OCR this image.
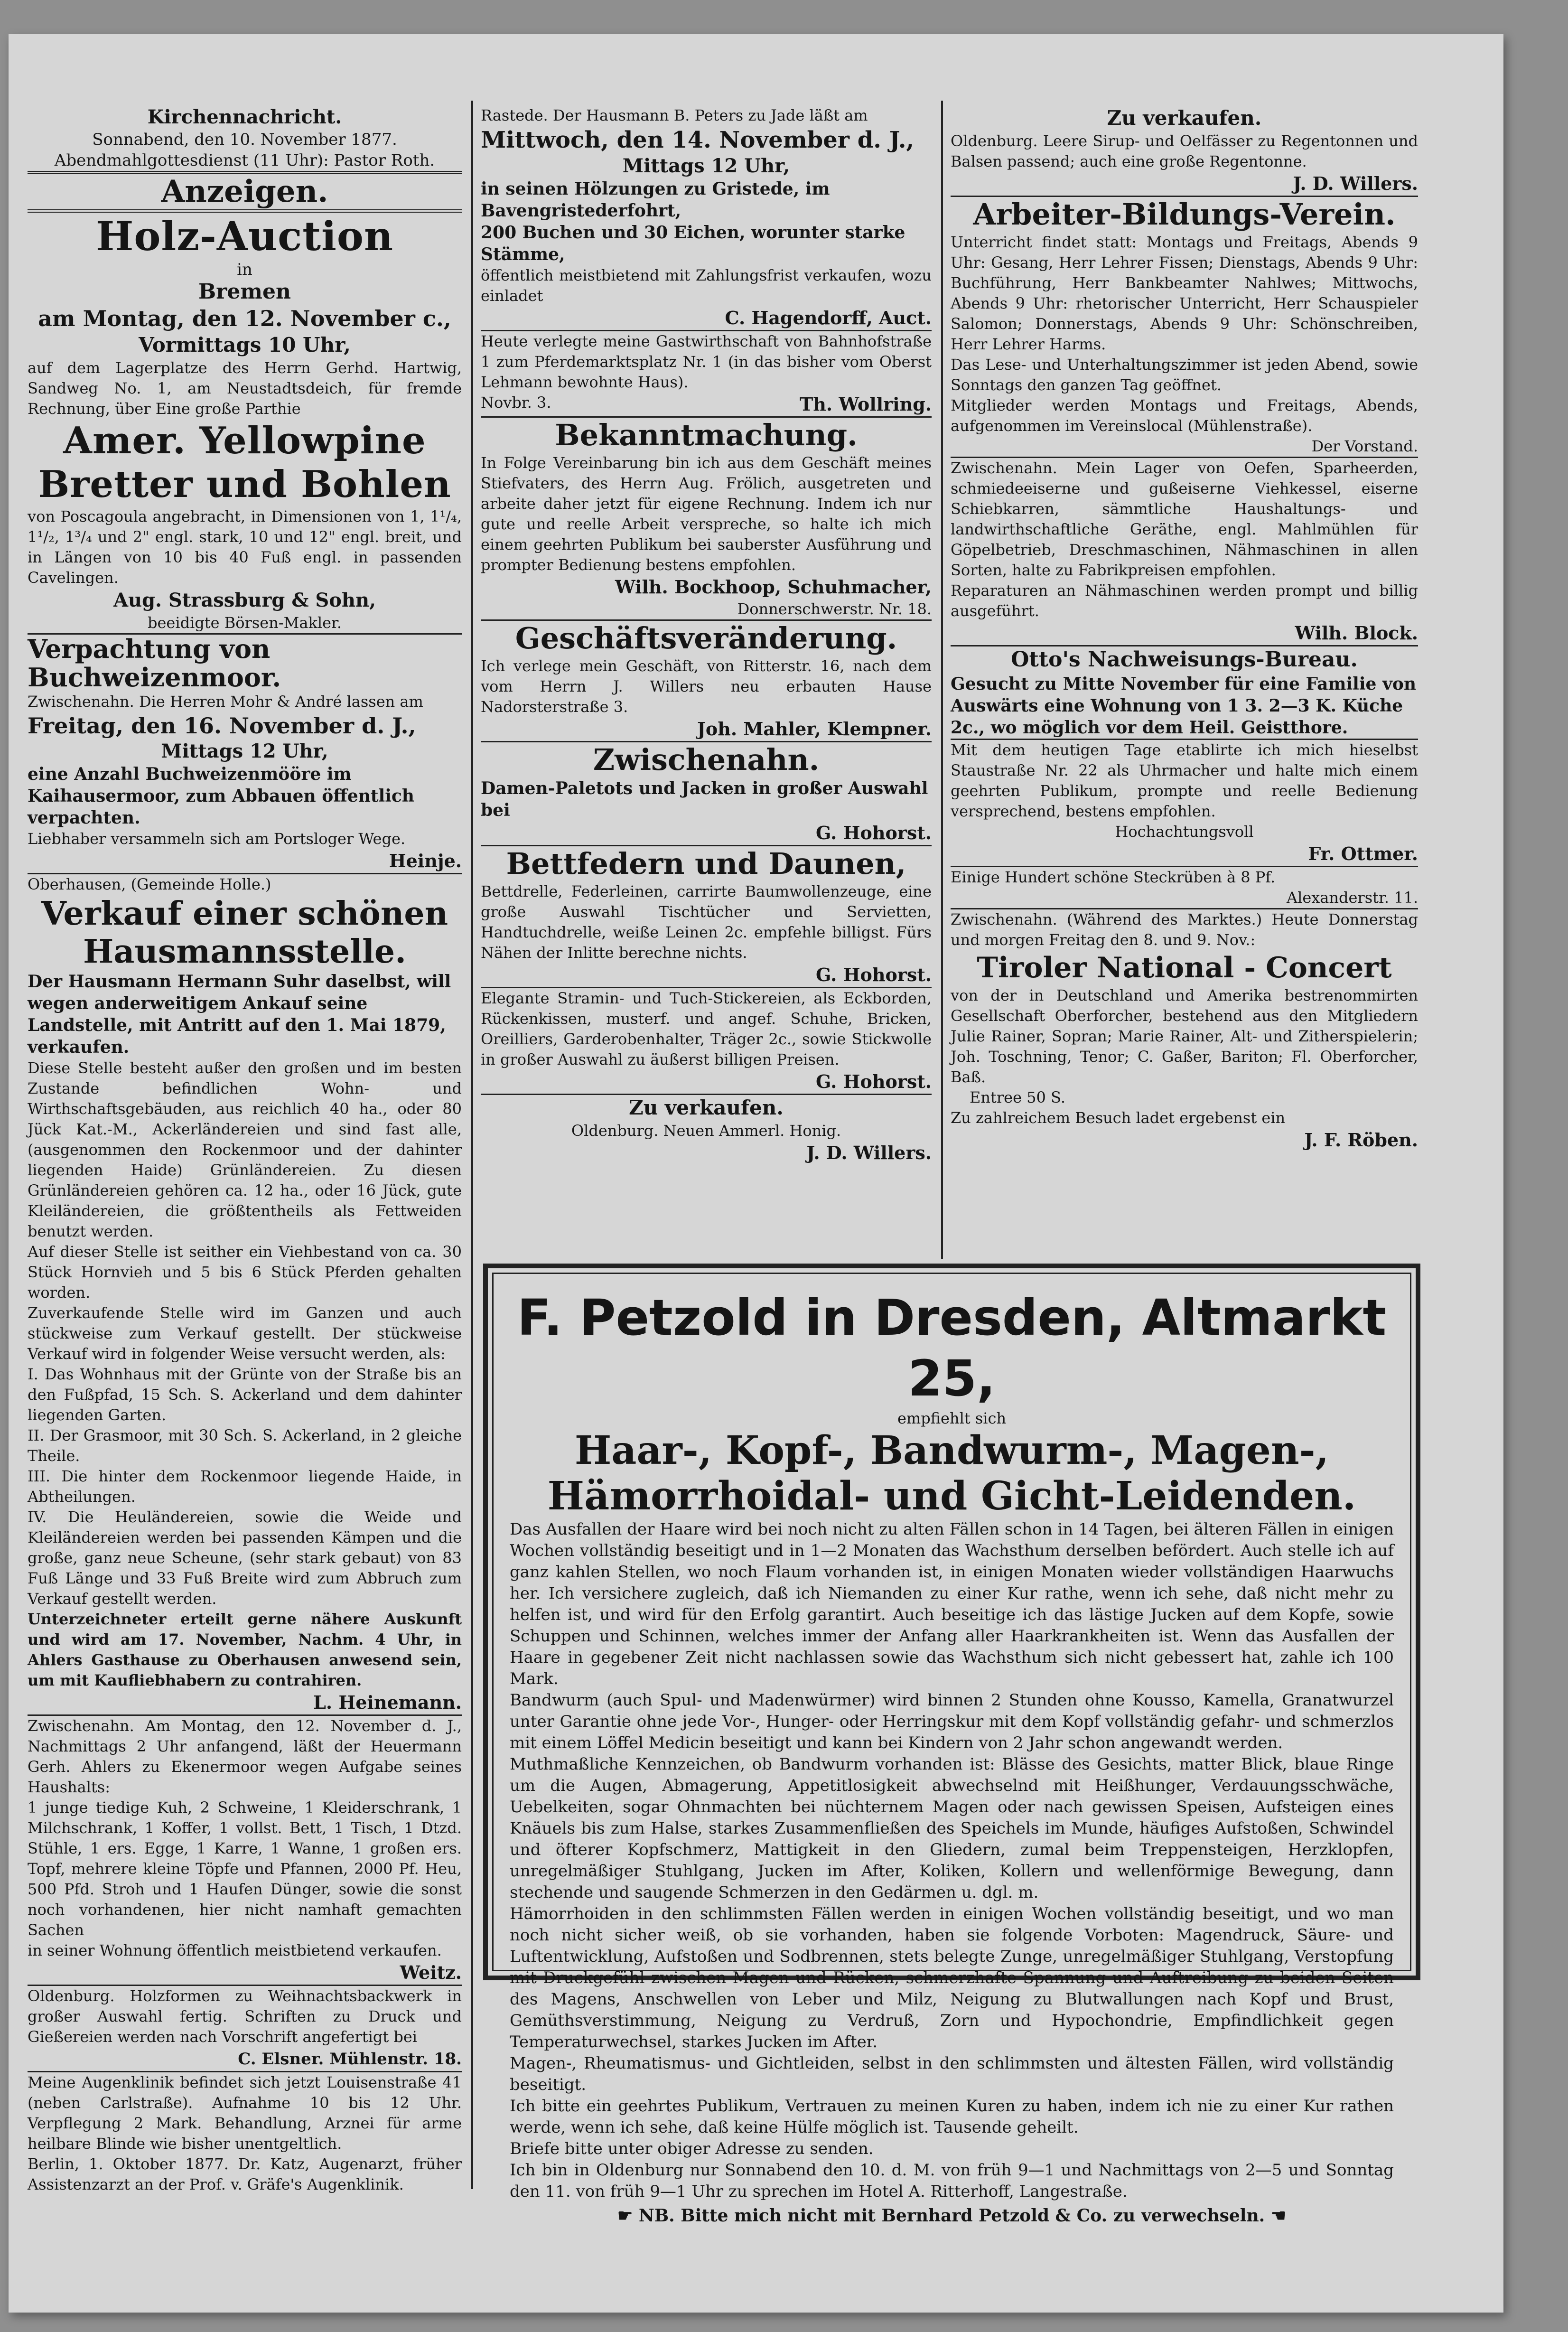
Kirchennachricht.
Sonnabend, den 10. November 1877.
Abendmahlgottesdienst (11 Uhr): Pastor Roth.
Anzeigen.
Holz-Auction
in
Bremen
am Montag, den 12. November c.,
Vormittags 10 Uhr,
auf dem Lagerplatze des Herrn Gerhd. Hartwig, Sandweg No. 1, am Neustadtsdeich, für fremde Rechnung, über Eine große Parthie
Amer. Yellowpine Bretter und Bohlen
von Poscagoula angebracht, in Dimensionen von 1, 1¹/₄, 1¹/₂, 1³/₄ und 2" engl. stark, 10 und 12" engl. breit, und in Längen von 10 bis 40 Fuß engl. in passenden Cavelingen.
Aug. Strassburg & Sohn,
beeidigte Börsen-Makler.
Verpachtung von Buchweizenmoor.
Zwischenahn. Die Herren Mohr & André lassen am
Freitag, den 16. November d. J.,
Mittags 12 Uhr,
eine Anzahl Buchweizenmööre im Kaihausermoor, zum Abbauen öffentlich verpachten.
Liebhaber versammeln sich am Portsloger Wege.
Heinje.
Oberhausen, (Gemeinde Holle.)
Verkauf einer schönen Hausmannsstelle.
Der Hausmann Hermann Suhr daselbst, will wegen anderweitigem Ankauf seine Landstelle, mit Antritt auf den 1. Mai 1879, verkaufen.
Diese Stelle besteht außer den großen und im besten Zustande befindlichen Wohn- und Wirthschaftsgebäuden, aus reichlich 40 ha., oder 80 Jück Kat.-M., Ackerländereien und sind fast alle, (ausgenommen den Rockenmoor und der dahinter liegenden Haide) Grünländereien. Zu diesen Grünländereien gehören ca. 12 ha., oder 16 Jück, gute Kleiländereien, die größtentheils als Fettweiden benutzt werden.
Auf dieser Stelle ist seither ein Viehbestand von ca. 30 Stück Hornvieh und 5 bis 6 Stück Pferden gehalten worden.
Zuverkaufende Stelle wird im Ganzen und auch stückweise zum Verkauf gestellt. Der stückweise Verkauf wird in folgender Weise versucht werden, als:
I. Das Wohnhaus mit der Grünte von der Straße bis an den Fußpfad, 15 Sch. S. Ackerland und dem dahinter liegenden Garten.
II. Der Grasmoor, mit 30 Sch. S. Ackerland, in 2 gleiche Theile.
III. Die hinter dem Rockenmoor liegende Haide, in Abtheilungen.
IV. Die Heuländereien, sowie die Weide und Kleiländereien werden bei passenden Kämpen und die große, ganz neue Scheune, (sehr stark gebaut) von 83 Fuß Länge und 33 Fuß Breite wird zum Abbruch zum Verkauf gestellt werden.
Unterzeichneter erteilt gerne nähere Auskunft und wird am 17. November, Nachm. 4 Uhr, in Ahlers Gasthause zu Oberhausen anwesend sein, um mit Kaufliebhabern zu contrahiren.
L. Heinemann.
Zwischenahn. Am Montag, den 12. November d. J., Nachmittags 2 Uhr anfangend, läßt der Heuermann Gerh. Ahlers zu Ekenermoor wegen Aufgabe seines Haushalts:
1 junge tiedige Kuh, 2 Schweine, 1 Kleiderschrank, 1 Milchschrank, 1 Koffer, 1 vollst. Bett, 1 Tisch, 1 Dtzd. Stühle, 1 ers. Egge, 1 Karre, 1 Wanne, 1 großen ers. Topf, mehrere kleine Töpfe und Pfannen, 2000 Pf. Heu, 500 Pfd. Stroh und 1 Haufen Dünger, sowie die sonst noch vorhandenen, hier nicht namhaft gemachten Sachen
in seiner Wohnung öffentlich meistbietend verkaufen.
Weitz.
Oldenburg. Holzformen zu Weihnachtsbackwerk in großer Auswahl fertig. Schriften zu Druck und Gießereien werden nach Vorschrift angefertigt bei
C. Elsner. Mühlenstr. 18.
Meine Augenklinik befindet sich jetzt Louisenstraße 41 (neben Carlstraße). Aufnahme 10 bis 12 Uhr. Verpflegung 2 Mark. Behandlung, Arznei für arme heilbare Blinde wie bisher unentgeltlich.
Berlin, 1. Oktober 1877. Dr. Katz, Augenarzt, früher Assistenzarzt an der Prof. v. Gräfe's Augenklinik.
Rastede. Der Hausmann B. Peters zu Jade läßt am
Mittwoch, den 14. November d. J.,
Mittags 12 Uhr,
in seinen Hölzungen zu Gristede, im Bavengristederfohrt,
200 Buchen und 30 Eichen, worunter starke Stämme,
öffentlich meistbietend mit Zahlungsfrist verkaufen, wozu einladet
C. Hagendorff, Auct.
Heute verlegte meine Gastwirthschaft von Bahnhofstraße 1 zum Pferdemarktsplatz Nr. 1 (in das bisher vom Oberst Lehmann bewohnte Haus).
Novbr. 3.	Th. Wollring.
Bekanntmachung.
In Folge Vereinbarung bin ich aus dem Geschäft meines Stiefvaters, des Herrn Aug. Frölich, ausgetreten und arbeite daher jetzt für eigene Rechnung. Indem ich nur gute und reelle Arbeit verspreche, so halte ich mich einem geehrten Publikum bei sauberster Ausführung und prompter Bedienung bestens empfohlen.
Wilh. Bockhoop, Schuhmacher,
Donnerschwerstr. Nr. 18.
Geschäftsveränderung.
Ich verlege mein Geschäft, von Ritterstr. 16, nach dem vom Herrn J. Willers neu erbauten Hause Nadorsterstraße 3.
Joh. Mahler, Klempner.
Zwischenahn.
Damen-Paletots und Jacken in großer Auswahl bei
G. Hohorst.
Bettfedern und Daunen,
Bettdrelle, Federleinen, carrirte Baumwollenzeuge, eine große Auswahl Tischtücher und Servietten, Handtuchdrelle, weiße Leinen 2c. empfehle billigst. Fürs Nähen der Inlitte berechne nichts.
G. Hohorst.
Elegante Stramin- und Tuch-Stickereien, als Eckborden, Rückenkissen, musterf. und angef. Schuhe, Bricken, Oreilliers, Garderobenhalter, Träger 2c., sowie Stickwolle in großer Auswahl zu äußerst billigen Preisen.
G. Hohorst.
Zu verkaufen.
Oldenburg. Neuen Ammerl. Honig.
J. D. Willers.
Zu verkaufen.
Oldenburg. Leere Sirup- und Oelfässer zu Regentonnen und Balsen passend; auch eine große Regentonne.
J. D. Willers.
Arbeiter-Bildungs-Verein.
Unterricht findet statt: Montags und Freitags, Abends 9 Uhr: Gesang, Herr Lehrer Fissen; Dienstags, Abends 9 Uhr: Buchführung, Herr Bankbeamter Nahlwes; Mittwochs, Abends 9 Uhr: rhetorischer Unterricht, Herr Schauspieler Salomon; Donnerstags, Abends 9 Uhr: Schönschreiben, Herr Lehrer Harms.
Das Lese- und Unterhaltungszimmer ist jeden Abend, sowie Sonntags den ganzen Tag geöffnet.
Mitglieder werden Montags und Freitags, Abends, aufgenommen im Vereinslocal (Mühlenstraße).
Der Vorstand.
Zwischenahn. Mein Lager von Oefen, Sparheerden, schmiedeeiserne und gußeiserne Viehkessel, eiserne Schiebkarren, sämmtliche Haushaltungs- und landwirthschaftliche Geräthe, engl. Mahlmühlen für Göpelbetrieb, Dreschmaschinen, Nähmaschinen in allen Sorten, halte zu Fabrikpreisen empfohlen.
Reparaturen an Nähmaschinen werden prompt und billig ausgeführt.
Wilh. Block.
Otto's Nachweisungs-Bureau.
Gesucht zu Mitte November für eine Familie von Auswärts eine Wohnung von 1 3. 2—3 K. Küche 2c., wo möglich vor dem Heil. Geistthore.
Mit dem heutigen Tage etablirte ich mich hieselbst Staustraße Nr. 22 als Uhrmacher und halte mich einem geehrten Publikum, prompte und reelle Bedienung versprechend, bestens empfohlen.
Hochachtungsvoll
Fr. Ottmer.
Einige Hundert schöne Steckrüben à 8 Pf.
Alexanderstr. 11.
Zwischenahn. (Während des Marktes.) Heute Donnerstag und morgen Freitag den 8. und 9. Nov.:
Tiroler National - Concert
von der in Deutschland und Amerika bestrenommirten Gesellschaft Oberforcher, bestehend aus den Mitgliedern Julie Rainer, Sopran; Marie Rainer, Alt- und Zitherspielerin; Joh. Toschning, Tenor; C. Gaßer, Bariton; Fl. Oberforcher, Baß.
Entree 50 S.
Zu zahlreichem Besuch ladet ergebenst ein
J. F. Röben.
F. Petzold in Dresden, Altmarkt 25,
empfiehlt sich
Haar-, Kopf-, Bandwurm-, Magen-, Hämorrhoidal- und Gicht-Leidenden.

Das Ausfallen der Haare wird bei noch nicht zu alten Fällen schon in 14 Tagen, bei älteren Fällen in einigen Wochen vollständig beseitigt und in 1—2 Monaten das Wachsthum derselben befördert. Auch stelle ich auf ganz kahlen Stellen, wo noch Flaum vorhanden ist, in einigen Monaten wieder vollständigen Haarwuchs her. Ich versichere zugleich, daß ich Niemanden zu einer Kur rathe, wenn ich sehe, daß nicht mehr zu helfen ist, und wird für den Erfolg garantirt. Auch beseitige ich das lästige Jucken auf dem Kopfe, sowie Schuppen und Schinnen, welches immer der Anfang aller Haarkrankheiten ist. Wenn das Ausfallen der Haare in gegebener Zeit nicht nachlassen sowie das Wachsthum sich nicht gebessert hat, zahle ich 100 Mark.

Bandwurm (auch Spul- und Madenwürmer) wird binnen 2 Stunden ohne Kousso, Kamella, Granatwurzel unter Garantie ohne jede Vor-, Hunger- oder Herringskur mit dem Kopf vollständig gefahr- und schmerzlos mit einem Löffel Medicin beseitigt und kann bei Kindern von 2 Jahr schon angewandt werden.

Muthmaßliche Kennzeichen, ob Bandwurm vorhanden ist: Blässe des Gesichts, matter Blick, blaue Ringe um die Augen, Abmagerung, Appetitlosigkeit abwechselnd mit Heißhunger, Verdauungsschwäche, Uebelkeiten, sogar Ohnmachten bei nüchternem Magen oder nach gewissen Speisen, Aufsteigen eines Knäuels bis zum Halse, starkes Zusammenfließen des Speichels im Munde, häufiges Aufstoßen, Schwindel und öfterer Kopfschmerz, Mattigkeit in den Gliedern, zumal beim Treppensteigen, Herzklopfen, unregelmäßiger Stuhlgang, Jucken im After, Koliken, Kollern und wellenförmige Bewegung, dann stechende und saugende Schmerzen in den Gedärmen u. dgl. m.

Hämorrhoiden in den schlimmsten Fällen werden in einigen Wochen vollständig beseitigt, und wo man noch nicht sicher weiß, ob sie vorhanden, haben sie folgende Vorboten: Magendruck, Säure- und Luftentwicklung, Aufstoßen und Sodbrennen, stets belegte Zunge, unregelmäßiger Stuhlgang, Verstopfung mit Druckgefühl zwischen Magen und Rücken, schmerzhafte Spannung und Auftreibung zu beiden Seiten des Magens, Anschwellen von Leber und Milz, Neigung zu Blutwallungen nach Kopf und Brust, Gemüthsverstimmung, Neigung zu Verdruß, Zorn und Hypochondrie, Empfindlichkeit gegen Temperaturwechsel, starkes Jucken im After.

Magen-, Rheumatismus- und Gichtleiden, selbst in den schlimmsten und ältesten Fällen, wird vollständig beseitigt.

Ich bitte ein geehrtes Publikum, Vertrauen zu meinen Kuren zu haben, indem ich nie zu einer Kur rathen werde, wenn ich sehe, daß keine Hülfe möglich ist. Tausende geheilt.

Briefe bitte unter obiger Adresse zu senden.

Ich bin in Oldenburg nur Sonnabend den 10. d. M. von früh 9—1 und Nachmittags von 2—5 und Sonntag den 11. von früh 9—1 Uhr zu sprechen im Hotel A. Ritterhoff, Langestraße.

☛ NB. Bitte mich nicht mit Bernhard Petzold & Co. zu verwechseln. ☚
